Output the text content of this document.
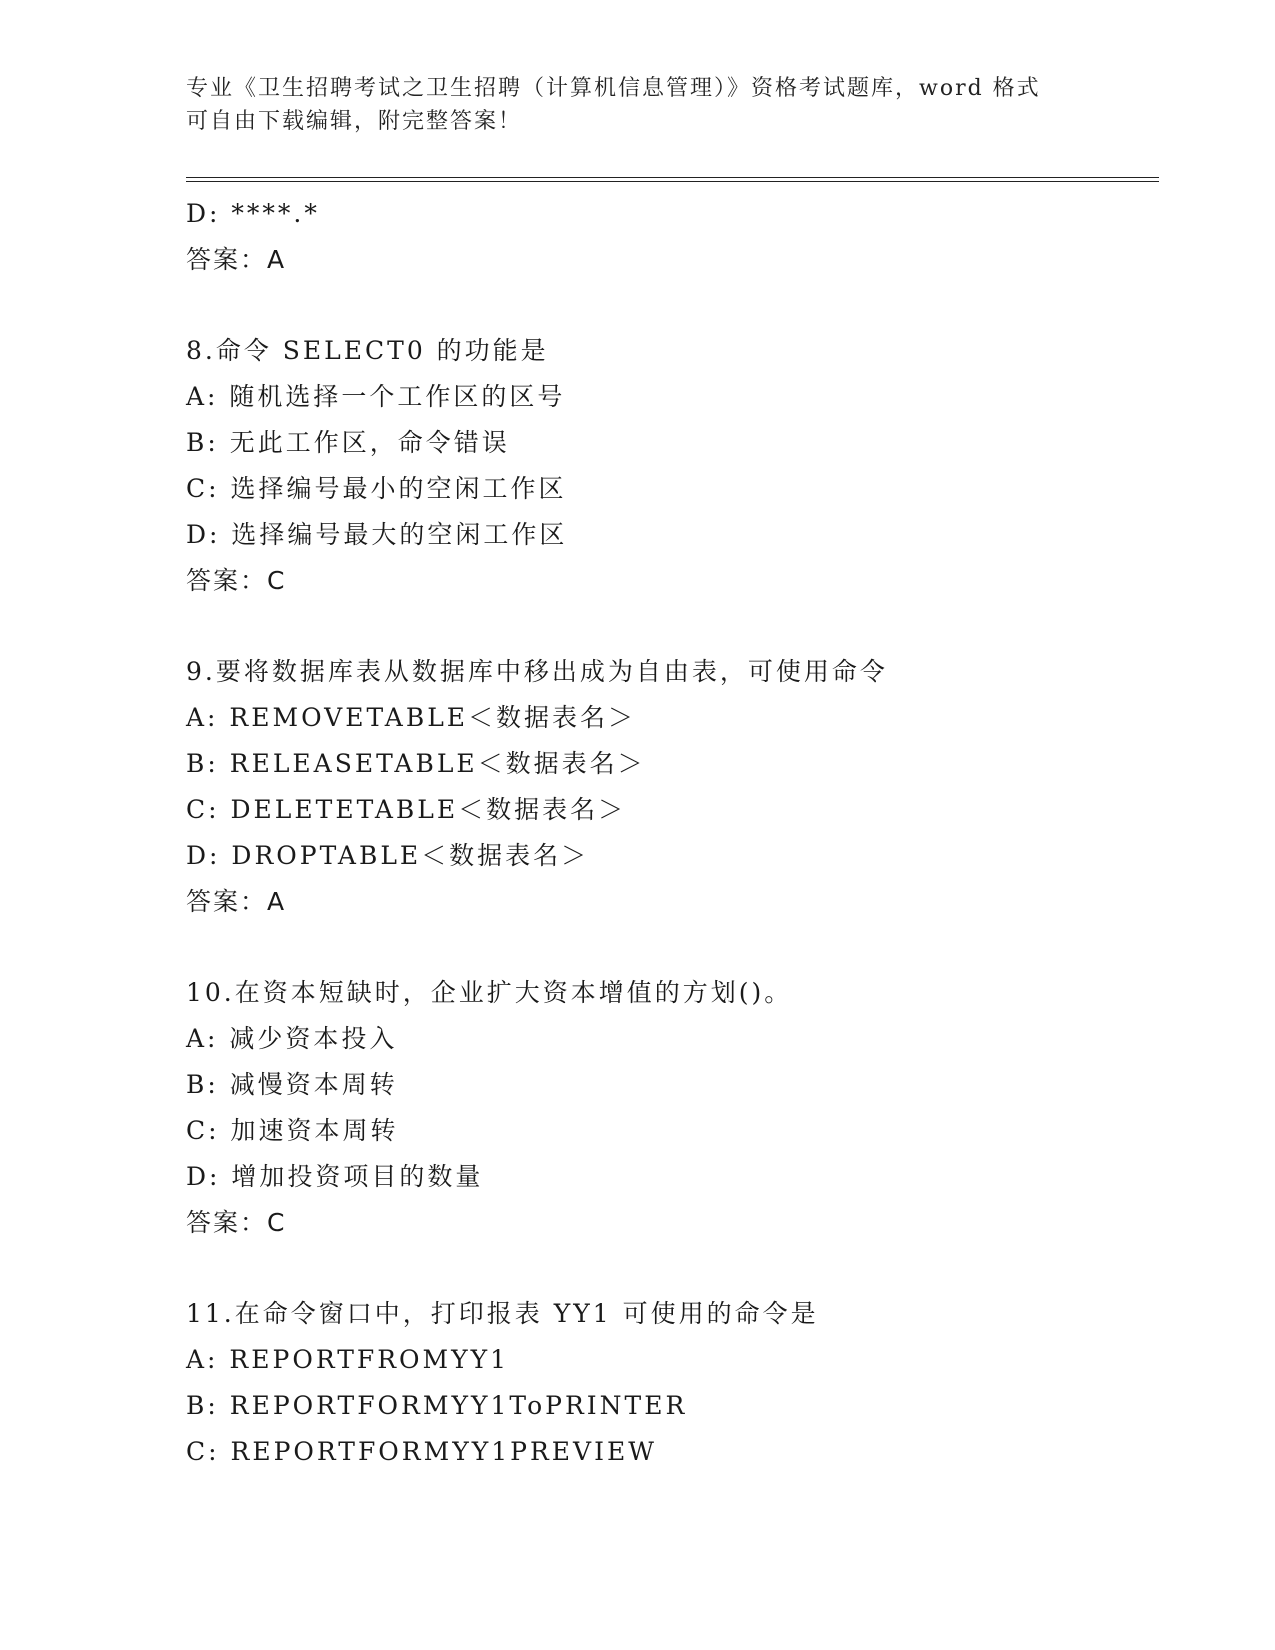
专业《卫生招聘考试之卫生招聘（计算机信息管理）》资格考试题库，word 格式
可自由下载编辑，附完整答案！
D: ****.*
答案：A
8.命令 SELECT0 的功能是
A: 随机选择一个工作区的区号
B: 无此工作区，命令错误
C: 选择编号最小的空闲工作区
D: 选择编号最大的空闲工作区
答案：C
9.要将数据库表从数据库中移出成为自由表，可使用命令
A: REMOVETABLE＜数据表名＞
B: RELEASETABLE＜数据表名＞
C: DELETETABLE＜数据表名＞
D: DROPTABLE＜数据表名＞
答案：A
10.在资本短缺时，企业扩大资本增值的方划()。
A: 减少资本投入
B: 减慢资本周转
C: 加速资本周转
D: 增加投资项目的数量
答案：C
11.在命令窗口中，打印报表 YY1 可使用的命令是
A: REPORTFROMYY1
B: REPORTFORMYY1ToPRINTER
C: REPORTFORMYY1PREVIEW
